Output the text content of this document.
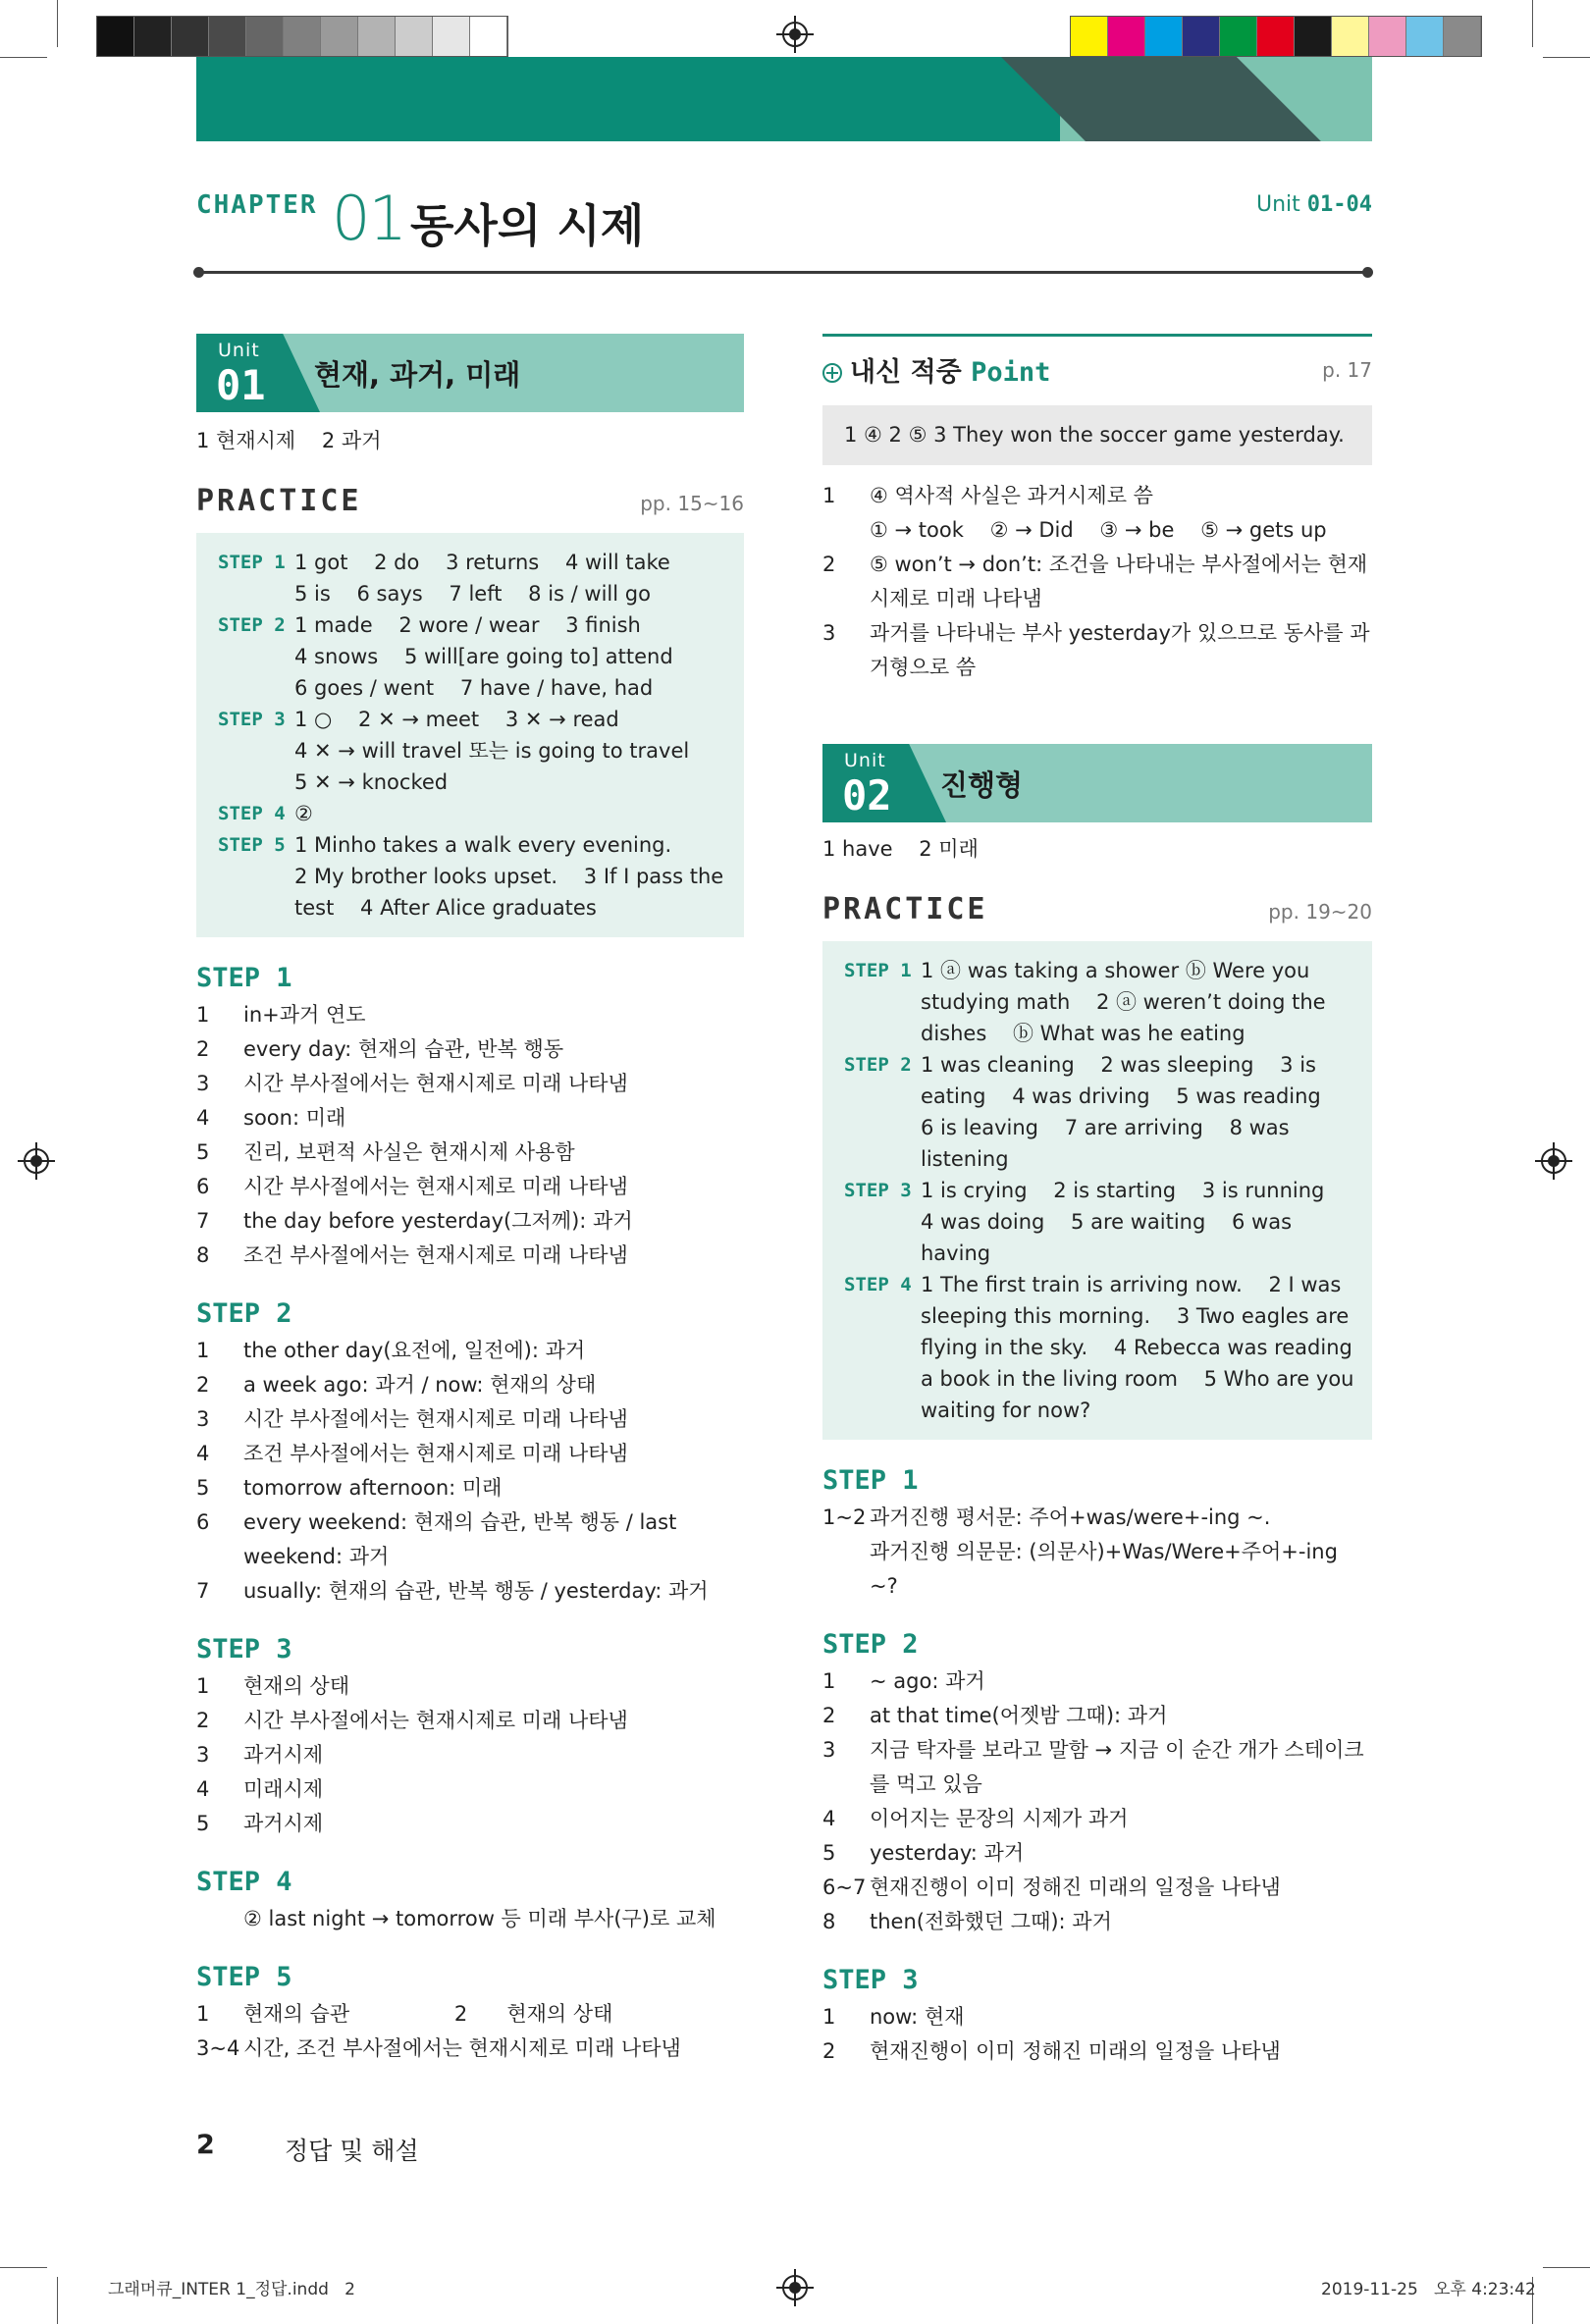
CHAPTER 01 동사의 시제	Unit 01-04
Unit
01 현재, 과거, 미래
1 현재시제    2 과거
PRACTICE	pp. 15~16
STEP 1 1 got    2 do    3 returns    4 will take
5 is    6 says    7 left    8 is / will go
STEP 2 1 made    2 wore / wear    3 finish
4 snows    5 will[are going to] attend
6 goes / went    7 have / have, had
STEP 3 1 ○    2 ✕ → meet    3 ✕ → read
4 ✕ → will travel 또는 is going to travel
5 ✕ → knocked
STEP 4 ②
STEP 5 1 Minho takes a walk every evening.
2 My brother looks upset.    3 If I pass the
test    4 After Alice graduates
STEP 1
1	in+과거 연도
2	every day: 현재의 습관, 반복 행동
3	시간 부사절에서는 현재시제로 미래 나타냄
4	soon: 미래
5	진리, 보편적 사실은 현재시제 사용함
6	시간 부사절에서는 현재시제로 미래 나타냄
7	the day before yesterday(그저께): 과거
8	조건 부사절에서는 현재시제로 미래 나타냄
STEP 2
1	the other day(요전에, 일전에): 과거
2	a week ago: 과거 / now: 현재의 상태
3	시간 부사절에서는 현재시제로 미래 나타냄
4	조건 부사절에서는 현재시제로 미래 나타냄
5	tomorrow afternoon: 미래
6	every weekend: 현재의 습관, 반복 행동 / last weekend: 과거
7	usually: 현재의 습관, 반복 행동 / yesterday: 과거
STEP 3
1	현재의 상태
2	시간 부사절에서는 현재시제로 미래 나타냄
3	과거시제
4	미래시제
5	과거시제
STEP 4
② last night → tomorrow 등 미래 부사(구)로 교체
STEP 5
1	현재의 습관                2      현재의 상태
3~4 시간, 조건 부사절에서는 현재시제로 미래 나타냄
내신 적중 Point	p. 17
1 ④ 2 ⑤ 3 They won the soccer game yesterday.
1	④ 역사적 사실은 과거시제로 씀
① → took    ② → Did    ③ → be    ⑤ → gets up
2	⑤ won’t → don’t: 조건을 나타내는 부사절에서는 현재시제로 미래 나타냄
3	과거를 나타내는 부사 yesterday가 있으므로 동사를 과거형으로 씀
Unit
02 진행형
1 have    2 미래
PRACTICE	pp. 19~20
STEP 1 1 ⓐ was taking a shower ⓑ Were you
studying math    2 ⓐ weren’t doing the
dishes    ⓑ What was he eating
STEP 2 1 was cleaning    2 was sleeping    3 is
eating    4 was driving    5 was reading
6 is leaving    7 are arriving    8 was
listening
STEP 3 1 is crying    2 is starting    3 is running
4 was doing    5 are waiting    6 was
having
STEP 4 1 The first train is arriving now.    2 I was
sleeping this morning.    3 Two eagles are
flying in the sky.    4 Rebecca was reading
a book in the living room    5 Who are you
waiting for now?
STEP 1
1~2 과거진행 평서문: 주어+was/were+-ing ~.
과거진행 의문문: (의문사)+Was/Were+주어+-ing ~?
STEP 2
1	~ ago: 과거
2	at that time(어젯밤 그때): 과거
3	지금 탁자를 보라고 말함 → 지금 이 순간 개가 스테이크를 먹고 있음
4	이어지는 문장의 시제가 과거
5	yesterday: 과거
6~7 현재진행이 이미 정해진 미래의 일정을 나타냄
8	then(전화했던 그때): 과거
STEP 3
1	now: 현재
2	현재진행이 이미 정해진 미래의 일정을 나타냄
2	정답 및 해설
그래머큐_INTER 1_정답.indd   2	2019-11-25   오후 4:23:42
